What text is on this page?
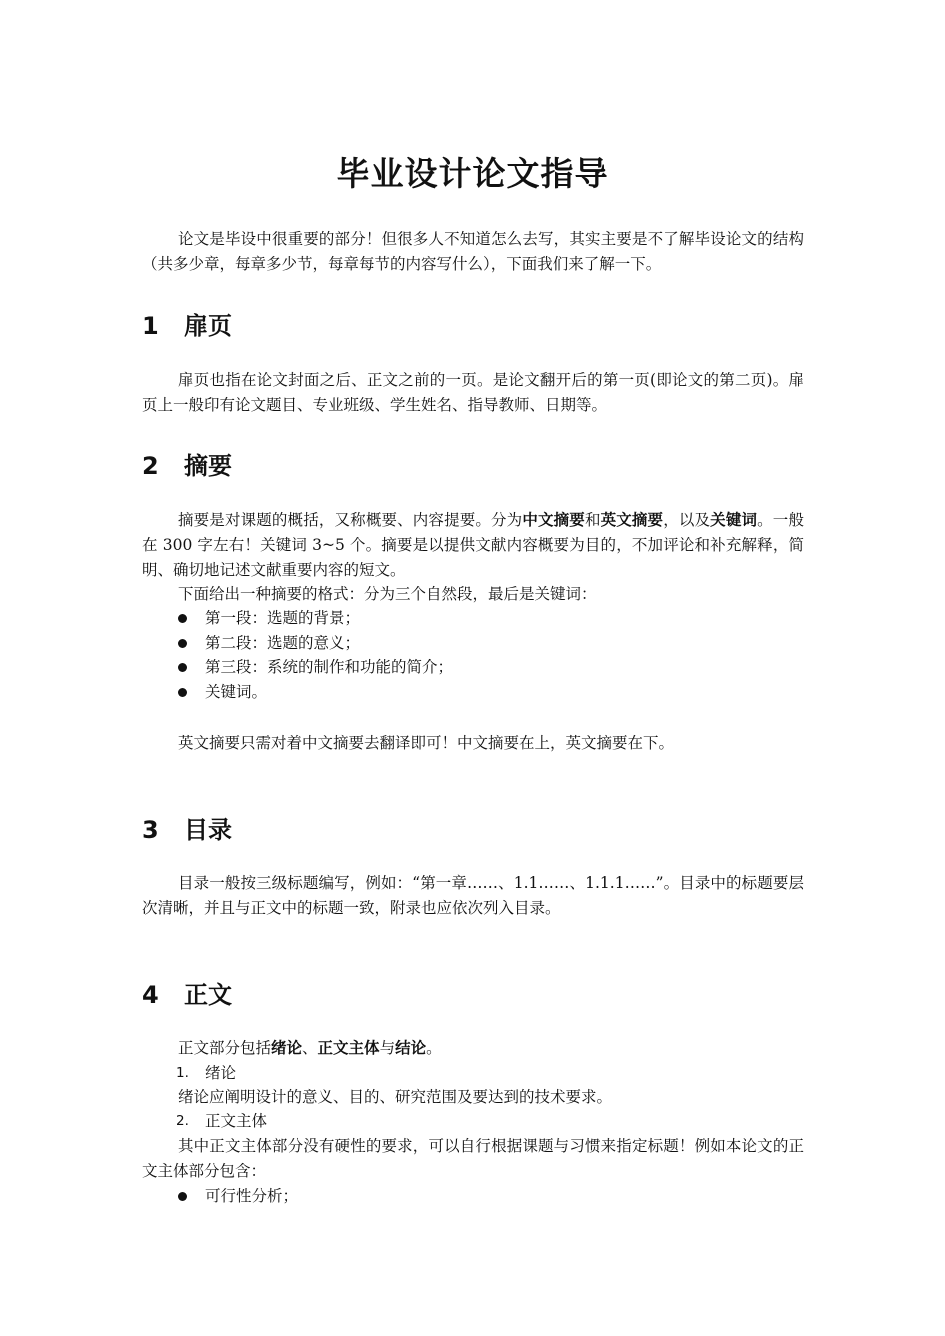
毕业设计论文指导

论文是毕设中很重要的部分！但很多人不知道怎么去写，其实主要是不了解毕设论文的结构（共多少章，每章多少节，每章每节的内容写什么），下面我们来了解一下。

1 扉页

扉页也指在论文封面之后、正文之前的一页。是论文翻开后的第一页(即论文的第二页)。扉页上一般印有论文题目、专业班级、学生姓名、指导教师、日期等。

2 摘要

摘要是对课题的概括，又称概要、内容提要。分为中文摘要和英文摘要，以及关键词。一般在 300 字左右！关键词 3~5 个。摘要是以提供文献内容概要为目的，不加评论和补充解释，简明、确切地记述文献重要内容的短文。

下面给出一种摘要的格式：分为三个自然段，最后是关键词：

第一段：选题的背景；
第二段：选题的意义；
第三段：系统的制作和功能的简介；
关键词。

英文摘要只需对着中文摘要去翻译即可！中文摘要在上，英文摘要在下。

3 目录

目录一般按三级标题编写，例如：“第一章……、1.1……、1.1.1……”。目录中的标题要层次清晰，并且与正文中的标题一致，附录也应依次列入目录。

4 正文

正文部分包括绪论、正文主体与结论。

1. 绪论

绪论应阐明设计的意义、目的、研究范围及要达到的技术要求。

2. 正文主体

其中正文主体部分没有硬性的要求，可以自行根据课题与习惯来指定标题！例如本论文的正文主体部分包含：

可行性分析；
